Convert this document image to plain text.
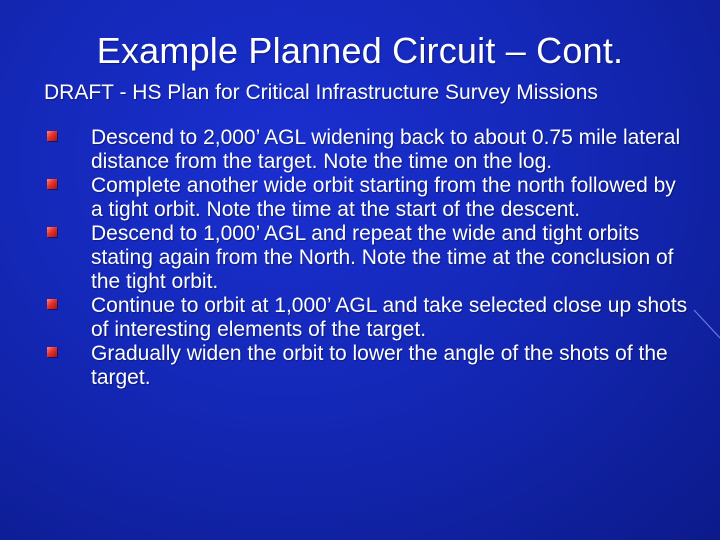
Example Planned Circuit – Cont.
DRAFT - HS Plan for Critical Infrastructure Survey Missions
Descend to 2,000’ AGL widening back to about 0.75 mile lateral distance from the target. Note the time on the log.
Complete another wide orbit starting from the north followed by a tight orbit. Note the time at the start of the descent.
Descend to 1,000’ AGL and repeat the wide and tight orbits stating again from the North. Note the time at the conclusion of the tight orbit.
Continue to orbit at 1,000’ AGL and take selected close up shots of interesting elements of the target.
Gradually widen the orbit to lower the angle of the shots of the target.
